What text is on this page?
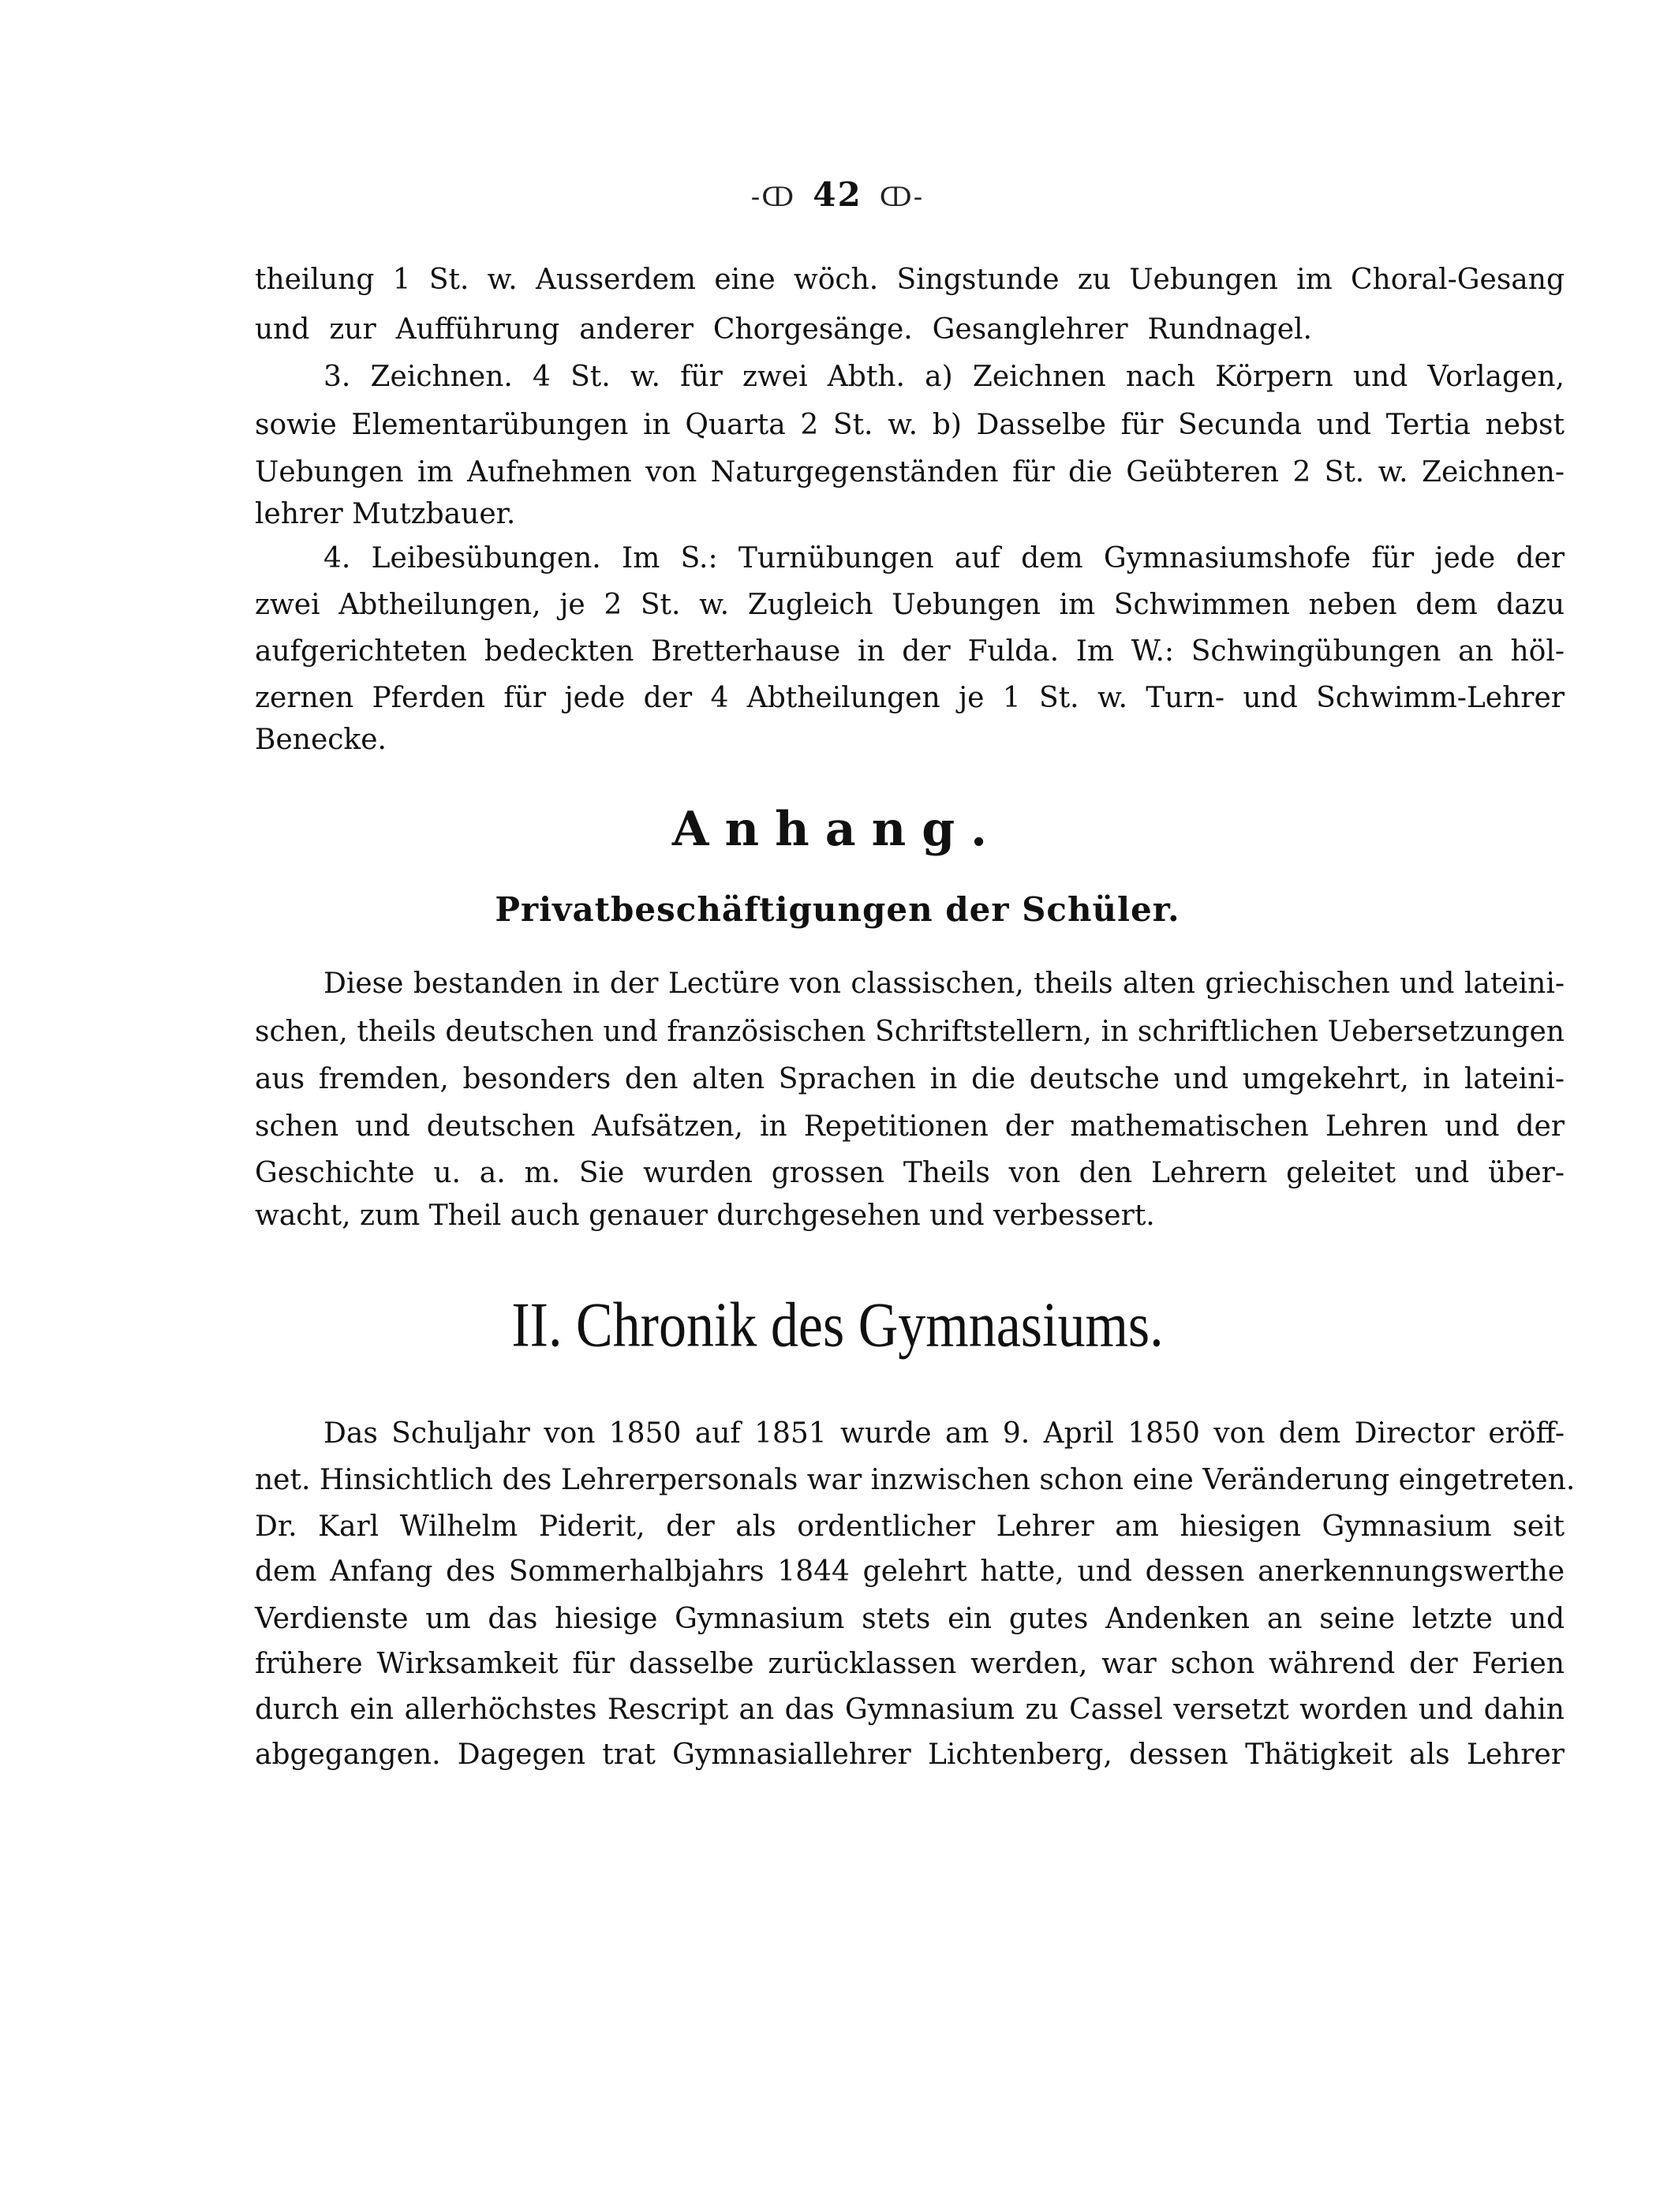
-ↀ 42 ↀ-
theilung 1 St. w. Ausserdem eine wöch. Singstunde zu Uebungen im Choral-Gesang
und zur Aufführung anderer Chorgesänge. Gesanglehrer Rundnagel.
3. Zeichnen. 4 St. w. für zwei Abth. a) Zeichnen nach Körpern und Vorlagen,
sowie Elementarübungen in Quarta 2 St. w. b) Dasselbe für Secunda und Tertia nebst
Uebungen im Aufnehmen von Naturgegenständen für die Geübteren 2 St. w. Zeichnen-
lehrer Mutzbauer.
4. Leibesübungen. Im S.: Turnübungen auf dem Gymnasiumshofe für jede der
zwei Abtheilungen, je 2 St. w. Zugleich Uebungen im Schwimmen neben dem dazu
aufgerichteten bedeckten Bretterhause in der Fulda. Im W.: Schwingübungen an höl-
zernen Pferden für jede der 4 Abtheilungen je 1 St. w. Turn- und Schwimm-Lehrer
Benecke.
Anhang.
Privatbeschäftigungen der Schüler.
Diese bestanden in der Lectüre von classischen, theils alten griechischen und lateini-
schen, theils deutschen und französischen Schriftstellern, in schriftlichen Uebersetzungen
aus fremden, besonders den alten Sprachen in die deutsche und umgekehrt, in lateini-
schen und deutschen Aufsätzen, in Repetitionen der mathematischen Lehren und der
Geschichte u. a. m. Sie wurden grossen Theils von den Lehrern geleitet und über-
wacht, zum Theil auch genauer durchgesehen und verbessert.
II. Chronik des Gymnasiums.
Das Schuljahr von 1850 auf 1851 wurde am 9. April 1850 von dem Director eröff-
net. Hinsichtlich des Lehrerpersonals war inzwischen schon eine Veränderung eingetreten.
Dr. Karl Wilhelm Piderit, der als ordentlicher Lehrer am hiesigen Gymnasium seit
dem Anfang des Sommerhalbjahrs 1844 gelehrt hatte, und dessen anerkennungswerthe
Verdienste um das hiesige Gymnasium stets ein gutes Andenken an seine letzte und
frühere Wirksamkeit für dasselbe zurücklassen werden, war schon während der Ferien
durch ein allerhöchstes Rescript an das Gymnasium zu Cassel versetzt worden und dahin
abgegangen. Dagegen trat Gymnasiallehrer Lichtenberg, dessen Thätigkeit als Lehrer
